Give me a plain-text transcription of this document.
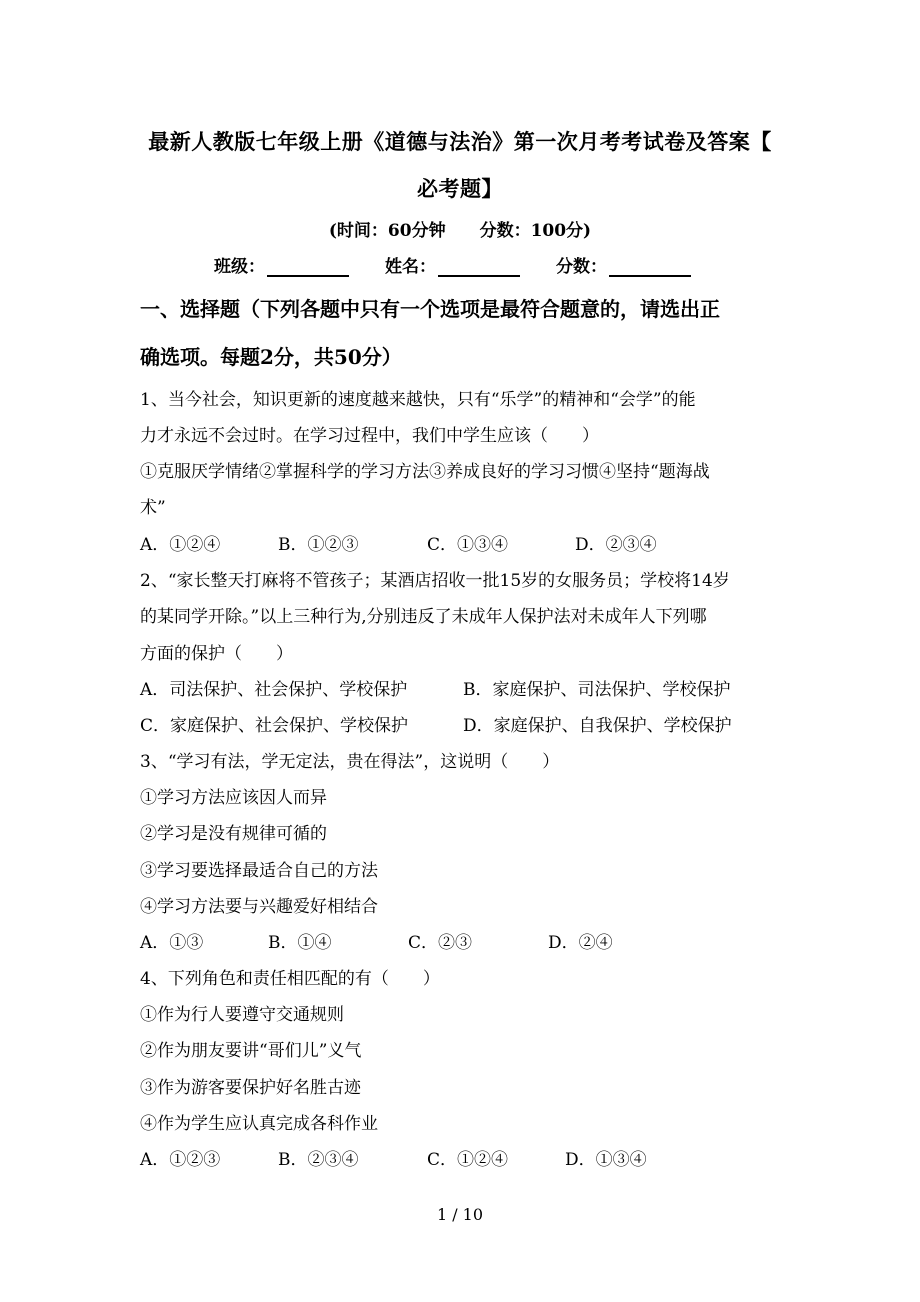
最新人教版七年级上册《道德与法治》第一次月考考试卷及答案【
必考题】
(时间：60分钟　　分数：100分)
班级：	姓名：	分数：
一、选择题（下列各题中只有一个选项是最符合题意的，请选出正
确选项。每题2分，共50分）
1、当今社会，知识更新的速度越来越快，只有“乐学”的精神和“会学”的能
力才永远不会过时。在学习过程中，我们中学生应该（　　）
①克服厌学情绪②掌握科学的学习方法③养成良好的学习习惯④坚持“题海战
术”
A．①②④	B．①②③	C．①③④	D．②③④
2、“家长整天打麻将不管孩子；某酒店招收一批15岁的女服务员；学校将14岁
的某同学开除。”以上三种行为,分别违反了未成年人保护法对未成年人下列哪
方面的保护（　　）
A．司法保护、社会保护、学校保护	B．家庭保护、司法保护、学校保护
C．家庭保护、社会保护、学校保护	D．家庭保护、自我保护、学校保护
3、“学习有法，学无定法，贵在得法”，这说明（　　）
①学习方法应该因人而异
②学习是没有规律可循的
③学习要选择最适合自己的方法
④学习方法要与兴趣爱好相结合
A．①③	B．①④	C．②③	D．②④
4、下列角色和责任相匹配的有（　　）
①作为行人要遵守交通规则
②作为朋友要讲“哥们儿”义气
③作为游客要保护好名胜古迹
④作为学生应认真完成各科作业
A．①②③	B．②③④	C．①②④	D．①③④
1 / 10
